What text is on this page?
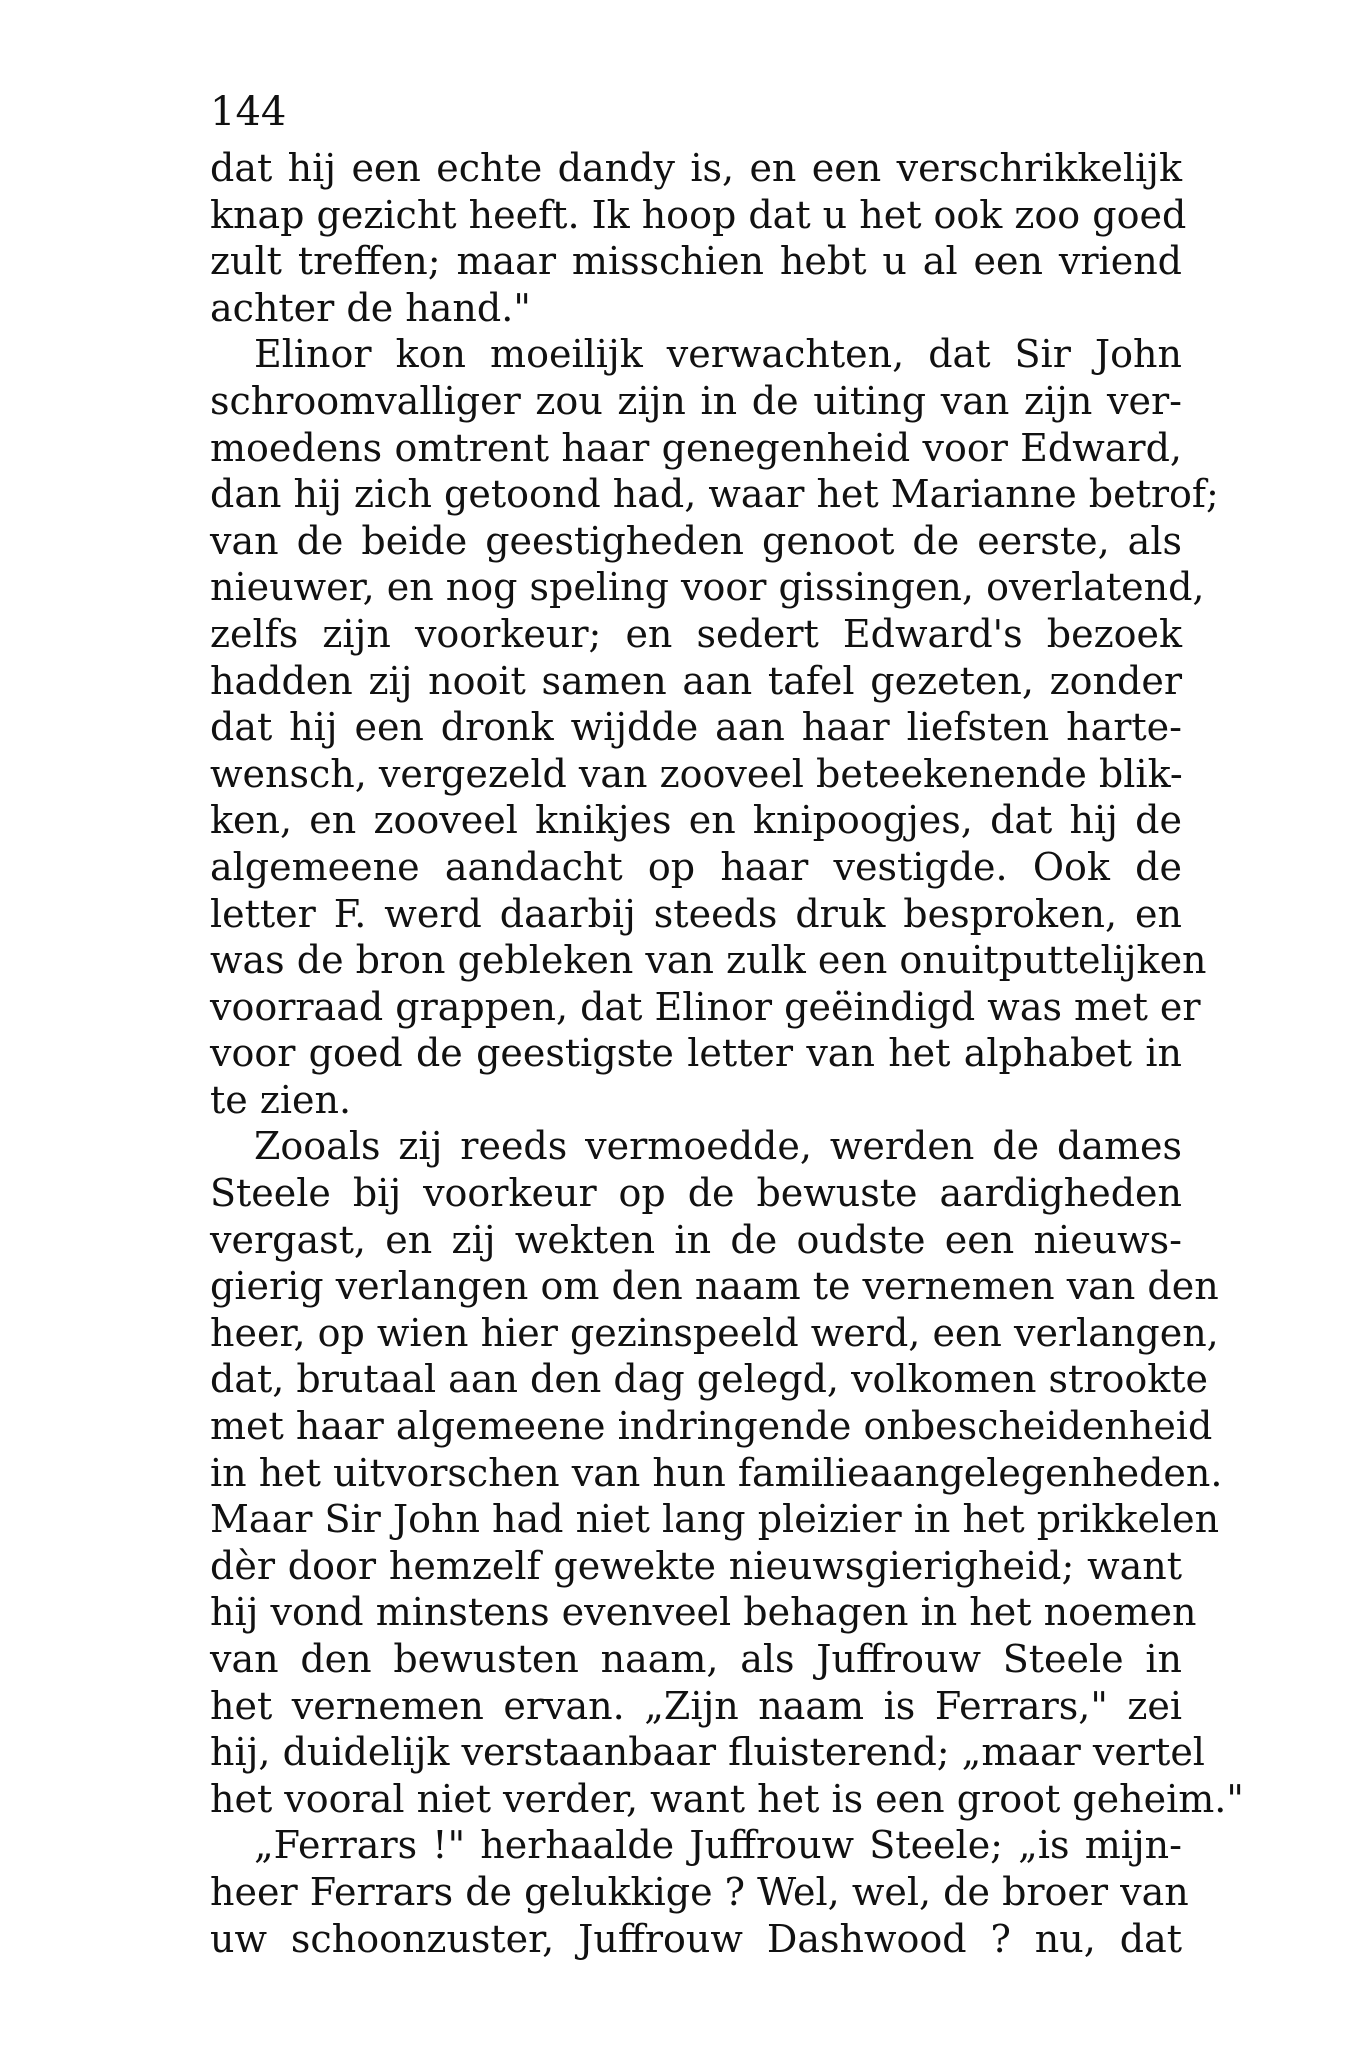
144
dat hij een echte dandy is, en een verschrikkelijk
knap gezicht heeft. Ik hoop dat u het ook zoo goed
zult treffen; maar misschien hebt u al een vriend
achter de hand."
Elinor kon moeilijk verwachten, dat Sir John
schroomvalliger zou zijn in de uiting van zijn ver-
moedens omtrent haar genegenheid voor Edward,
dan hij zich getoond had, waar het Marianne betrof;
van de beide geestigheden genoot de eerste, als
nieuwer, en nog speling voor gissingen, overlatend,
zelfs zijn voorkeur; en sedert Edward's bezoek
hadden zij nooit samen aan tafel gezeten, zonder
dat hij een dronk wijdde aan haar liefsten harte-
wensch, vergezeld van zooveel beteekenende blik-
ken, en zooveel knikjes en knipoogjes, dat hij de
algemeene aandacht op haar vestigde. Ook de
letter F. werd daarbij steeds druk besproken, en
was de bron gebleken van zulk een onuitputtelijken
voorraad grappen, dat Elinor geëindigd was met er
voor goed de geestigste letter van het alphabet in
te zien.
Zooals zij reeds vermoedde, werden de dames
Steele bij voorkeur op de bewuste aardigheden
vergast, en zij wekten in de oudste een nieuws-
gierig verlangen om den naam te vernemen van den
heer, op wien hier gezinspeeld werd, een verlangen,
dat, brutaal aan den dag gelegd, volkomen strookte
met haar algemeene indringende onbescheidenheid
in het uitvorschen van hun familieaangelegenheden.
Maar Sir John had niet lang pleizier in het prikkelen
dèr door hemzelf gewekte nieuwsgierigheid; want
hij vond minstens evenveel behagen in het noemen
van den bewusten naam, als Juffrouw Steele in
het vernemen ervan. „Zijn naam is Ferrars," zei
hij, duidelijk verstaanbaar fluisterend; „maar vertel
het vooral niet verder, want het is een groot geheim."
„Ferrars !" herhaalde Juffrouw Steele; „is mijn-
heer Ferrars de gelukkige ? Wel, wel, de broer van
uw schoonzuster, Juffrouw Dashwood ? nu, dat
